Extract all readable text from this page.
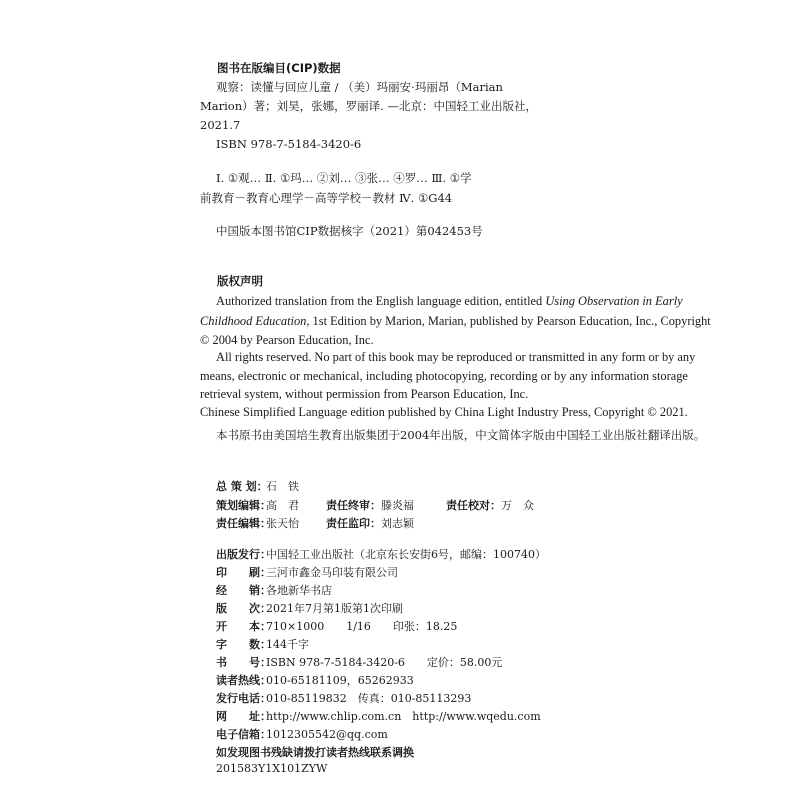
图书在版编目(CIP)数据
观察：读懂与回应儿童 / （美）玛丽安·玛丽昂（Marian
Marion）著；刘昊，张娜，罗丽译. —北京：中国轻工业出版社，
2021.7
ISBN 978-7-5184-3420-6
Ⅰ. ①观… Ⅱ. ①玛… ②刘… ③张… ④罗… Ⅲ. ①学
前教育－教育心理学－高等学校－教材 Ⅳ. ①G44
中国版本图书馆CIP数据核字（2021）第042453号
版权声明
Authorized translation from the English language edition, entitled Using Observation in Early
Childhood Education, 1st Edition by Marion, Marian, published by Pearson Education, Inc., Copyright
© 2004 by Pearson Education, Inc.
All rights reserved. No part of this book may be reproduced or transmitted in any form or by any
means, electronic or mechanical, including photocopying, recording or by any information storage
retrieval system, without permission from Pearson Education, Inc.
Chinese Simplified Language edition published by China Light Industry Press, Copyright © 2021.
本书原书由美国培生教育出版集团于2004年出版，中文简体字版由中国轻工业出版社翻译出版。
总 策 划：石　铁
策划编辑：高　君 责任终审：滕炎福	责任校对：万　众
责任编辑：张天怡 责任监印：刘志颖
出版发行：中国轻工业出版社（北京东长安街6号，邮编：100740）
印　　刷：三河市鑫金马印装有限公司
经　　销：各地新华书店
版　　次：2021年7月第1版第1次印刷
开　　本：710×1000　　1/16　　印张：18.25
字　　数：144千字
书　　号：ISBN 978-7-5184-3420-6　　定价：58.00元
读者热线：010-65181109，65262933
发行电话：010-85119832　传真：010-85113293
网　　址：http://www.chlip.com.cn　http://www.wqedu.com
电子信箱：1012305542@qq.com
如发现图书残缺请拨打读者热线联系调换
201583Y1X101ZYW
